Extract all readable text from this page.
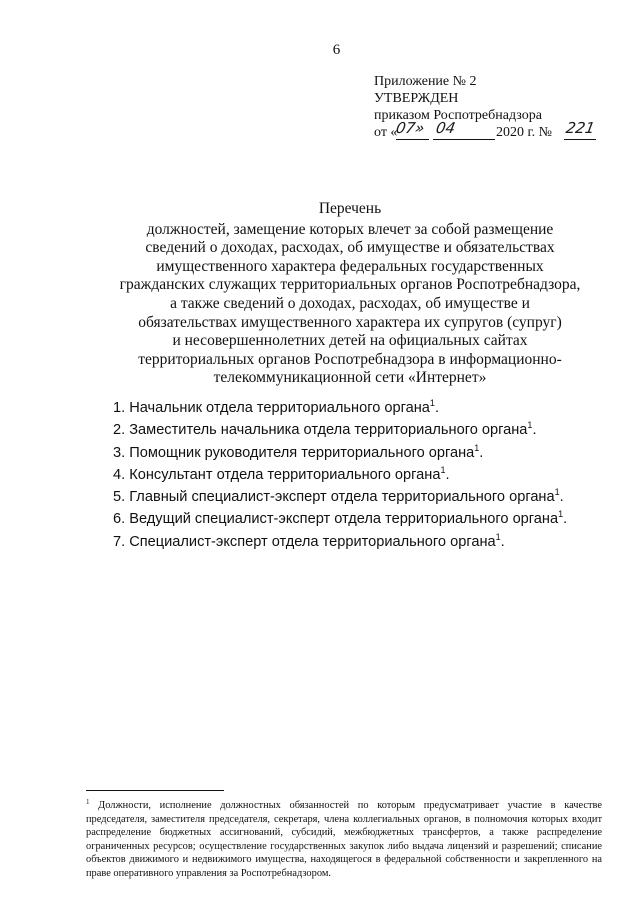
6
Приложение № 2
УТВЕРЖДЕН
приказом Роспотребнадзора
от «
07» 04	2020 г. № 221
Перечень
должностей, замещение которых влечет за собой размещение
сведений о доходах, расходах, об имуществе и обязательствах
имущественного характера федеральных государственных
гражданских служащих территориальных органов Роспотребнадзора,
а также сведений о доходах, расходах, об имуществе и
обязательствах имущественного характера их супругов (супруг)
и несовершеннолетних детей на официальных сайтах
территориальных органов Роспотребнадзора в информационно-
телекоммуникационной сети «Интернет»
1. Начальник отдела территориального органа$^1$.
2. Заместитель начальника отдела территориального органа$^1$.
3. Помощник руководителя территориального органа$^1$.
4. Консультант отдела территориального органа$^1$.
5. Главный специалист-эксперт отдела территориального органа$^1$.
6. Ведущий специалист-эксперт отдела территориального органа$^1$.
7. Специалист-эксперт отдела территориального органа$^1$.
$^1$ Должности, исполнение должностных обязанностей по которым предусматривает участие в качестве председателя, заместителя председателя, секретаря, члена коллегиальных органов, в полномочия которых входит распределение бюджетных ассигнований, субсидий, межбюджетных трансфертов, а также распределение ограниченных ресурсов; осуществление государственных закупок либо выдача лицензий и разрешений; списание объектов движимого и недвижимого имущества, находящегося в федеральной собственности и закрепленного на праве оперативного управления за Роспотребнадзором.
